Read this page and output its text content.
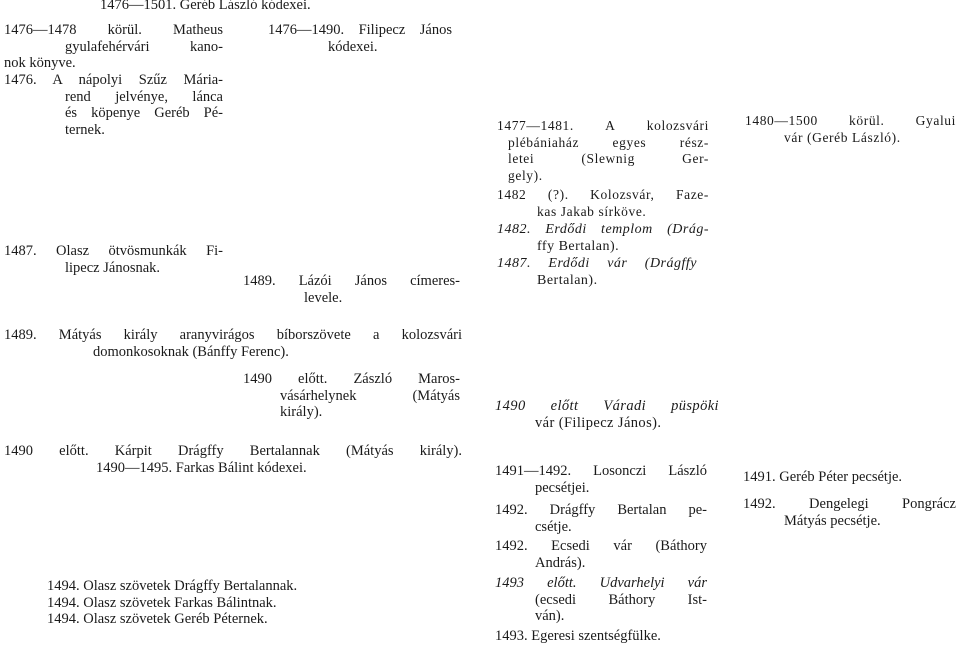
1476—1501. Geréb László kódexei.

1476—1478 körül. Matheus

gyulafehérvári kano-

nok könyve.

1476. A nápolyi Szűz Mária-

rend jelvénye, lánca

és köpenye Geréb Pé-

ternek.

1487. Olasz ötvösmunkák Fi-

lipecz Jánosnak.

1476—1490. Filipecz János

kódexei.

1489. Lázói János címeres-

levele.

1477—1481. A kolozsvári

plébániaház egyes rész-

letei (Slewnig Ger-

gely).

1482 (?). Kolozsvár, Faze-

kas Jakab sírköve.

1482. Erdődi templom (Drág-

ffy Bertalan).

1487. Erdődi vár (Drágffy

Bertalan).

1480—1500 körül. Gyalui

vár (Geréb László).

1489. Mátyás király aranyvirágos bíborszövete a kolozsvári

domonkosoknak (Bánffy Ferenc).

1490 előtt. Zászló Maros-

vásárhelynek (Mátyás

király).	1490 előtt Váradi püspöki

vár (Filipecz János).

1490 előtt. Kárpit Drágffy Bertalannak (Mátyás király).

1490—1495. Farkas Bálint kódexei.	1491—1492. Losonczi László

pecsétjei.

1492. Drágffy Bertalan pe-

csétje.

1492. Ecsedi vár (Báthory

András).

1493 előtt. Udvarhelyi vár

(ecsedi Báthory Ist-

ván).

1493. Egeresi szentségfülke.

1491. Geréb Péter pecsétje.

1492. Dengelegi Pongrácz

Mátyás pecsétje.

1494. Olasz szövetek Drágffy Bertalannak.

1494. Olasz szövetek Farkas Bálintnak.

1494. Olasz szövetek Geréb Péternek.
